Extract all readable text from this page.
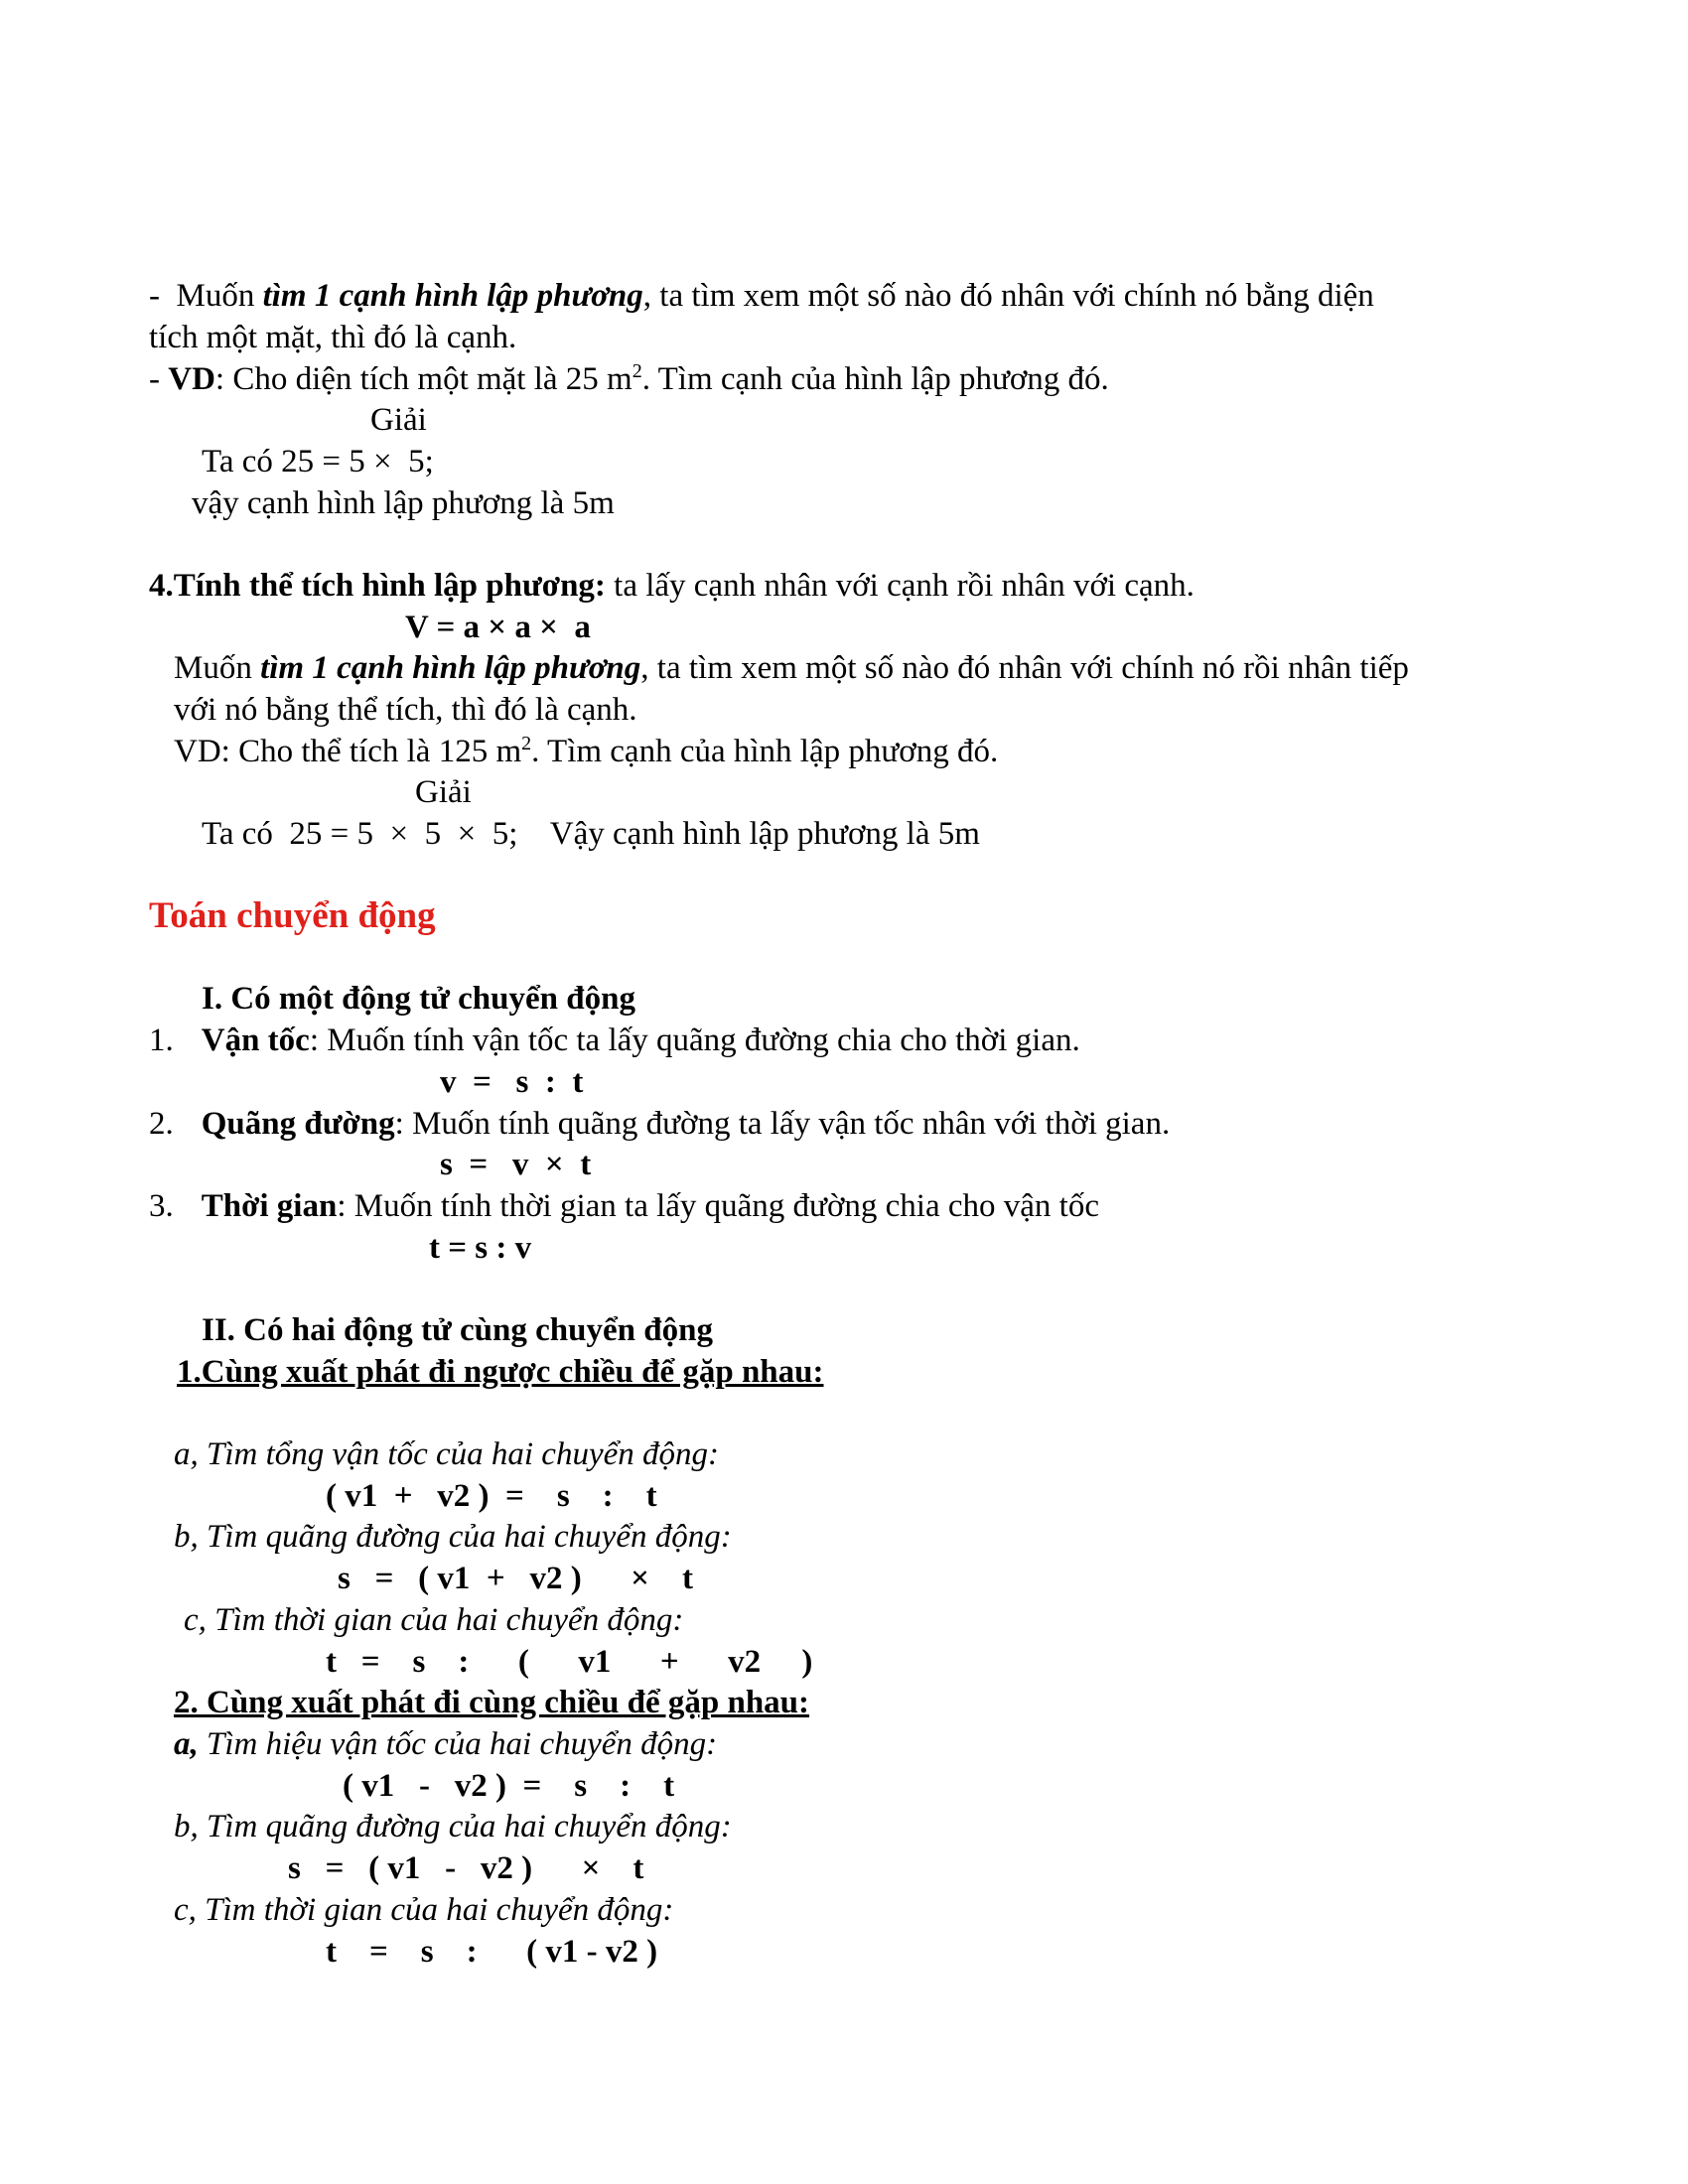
-  Muốn tìm 1 cạnh hình lập phương, ta tìm xem một số nào đó nhân với chính nó bằng diện
tích một mặt, thì đó là cạnh.
- VD: Cho diện tích một mặt là 25 $m^2$. Tìm cạnh của hình lập phương đó.
Giải
Ta có 25 = 5 ×  5;
vậy cạnh hình lập phương là 5m
4.Tính thể tích hình lập phương: ta lấy cạnh nhân với cạnh rồi nhân với cạnh.
V = a × a ×  a
Muốn tìm 1 cạnh hình lập phương, ta tìm xem một số nào đó nhân với chính nó rồi nhân tiếp
với nó bằng thể tích, thì đó là cạnh.
VD: Cho thể tích là 125 $m^2$. Tìm cạnh của hình lập phương đó.
Giải
Ta có  25 = 5  ×  5  ×  5;    Vậy cạnh hình lập phương là 5m
Toán chuyển động
I. Có một động tử chuyển động
1. Vận tốc: Muốn tính vận tốc ta lấy quãng đường chia cho thời gian.
v  =   s  :  t
2. Quãng đường: Muốn tính quãng đường ta lấy vận tốc nhân với thời gian.
s  =   v  ×  t
3. Thời gian: Muốn tính thời gian ta lấy quãng đường chia cho vận tốc
t = s : v
II. Có hai động tử cùng chuyển động
1.Cùng xuất phát đi ngược chiều để gặp nhau:
a, Tìm tổng vận tốc của hai chuyển động:
( v1  +   v2 )  =    s    :    t
b, Tìm quãng đường của hai chuyển động:
s   =   ( v1  +   v2 )      ×    t
c, Tìm thời gian của hai chuyển động:
t   =    s    :      (      v1      +      v2     )
2. Cùng xuất phát đi cùng chiều để gặp nhau:
a, Tìm hiệu vận tốc của hai chuyển động:
( v1   -   v2 )  =    s    :    t
b, Tìm quãng đường của hai chuyển động:
s   =   ( v1   -   v2 )      ×    t
c, Tìm thời gian của hai chuyển động:
t    =    s    :      ( v1 - v2 )
